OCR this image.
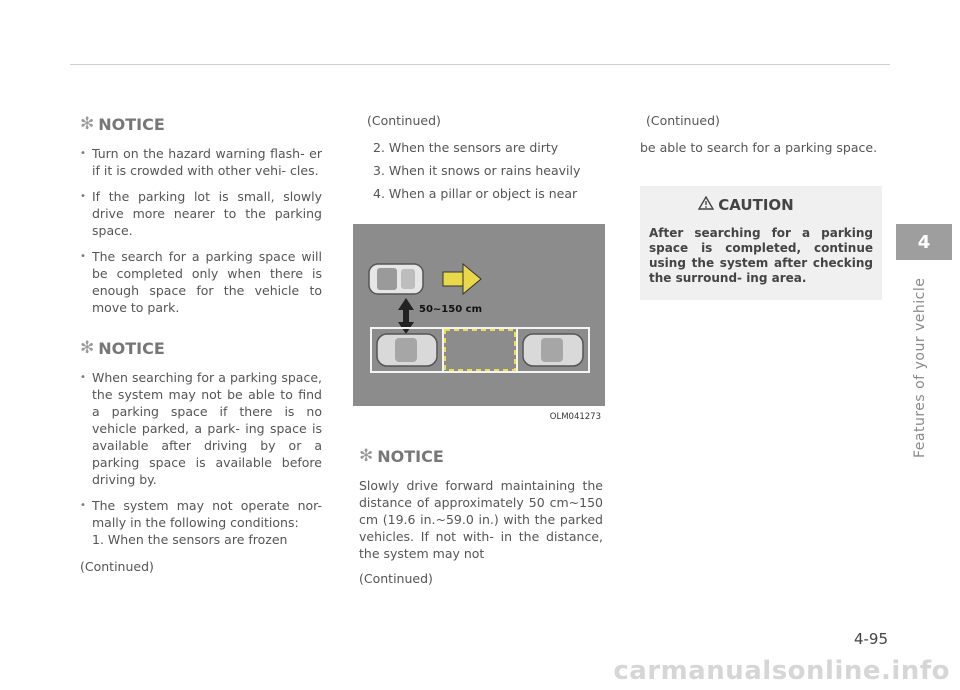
✻ NOTICE
• Turn on the hazard warning flash- er if it is crowded with other vehi- cles.
• If the parking lot is small, slowly drive more nearer to the parking space.
• The search for a parking space will be completed only when there is enough space for the vehicle to move to park.
✻ NOTICE
• When searching for a parking space, the system may not be able to find a parking space if there is no vehicle parked, a park- ing space is available after driving by or a parking space is available before driving by.
• The system may not operate nor- mally in the following conditions:
1. When the sensors are frozen
(Continued)
(Continued)
2. When the sensors are dirty
3. When it snows or rains heavily
4. When a pillar or object is near
50~150 cm
OLM041273
✻ NOTICE

Slowly drive forward maintaining the distance of approximately 50 cm~150 cm (19.6 in.~59.0 in.) with the parked vehicles. If not with- in the distance, the system may not

(Continued)
(Continued)

be able to search for a parking space.

CAUTION
After searching for a parking space is completed, continue using the system after checking the surround- ing area.
4
Features of your vehicle
4-95
carmanualsonline.info
